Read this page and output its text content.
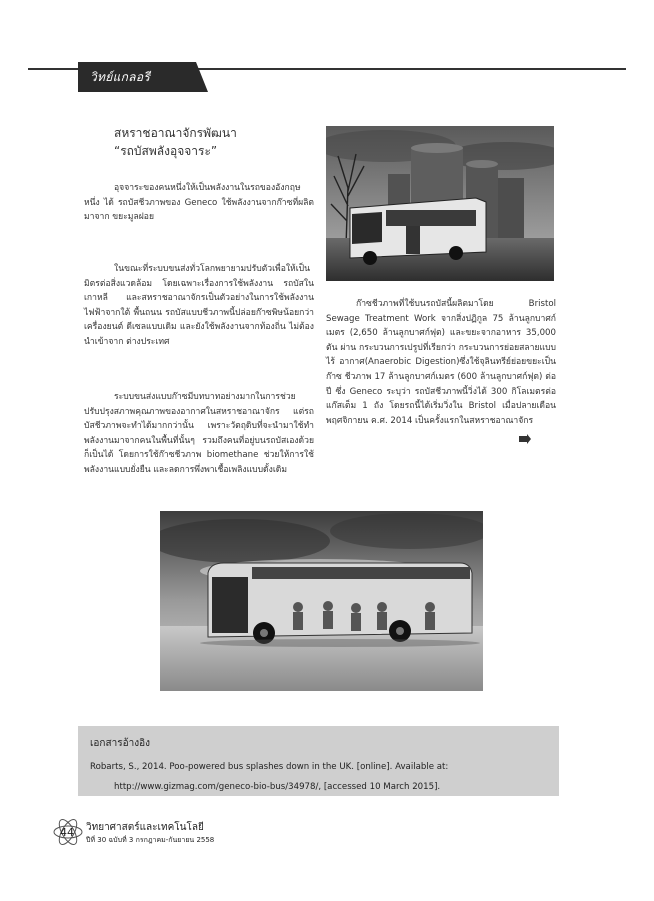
วิทย์แกลอรี
สหราชอาณาจักรพัฒนา
“รถบัสพลังอุจจาระ”
อุจจาระของคนหนึ่งให้เป็นพลังงานในรถของอังกฤษหนึ่ง ได้ รถบัสชีวภาพของ Geneco ใช้พลังงานจากก๊าซที่ผลิตมาจาก ขยะมูลฝอย
ในขณะที่ระบบขนส่งทั่วโลกพยายามปรับตัวเพื่อให้เป็น มิตรต่อสิ่งแวดล้อม โดยเฉพาะเรื่องการใช้พลังงาน รถบัสในเกาหลี และสหราชอาณาจักรเป็นตัวอย่างในการใช้พลังงานไฟฟ้าจากใต้ พื้นถนน รถบัสแบบชีวภาพนี้ปล่อยก๊าซพิษน้อยกว่าเครื่องยนต์ ดีเซลแบบเดิม และยังใช้พลังงานจากท้องถิ่น ไม่ต้องนำเข้าจาก ต่างประเทศ
ระบบขนส่งแบบก๊าซมีบทบาทอย่างมากในการช่วย ปรับปรุงสภาพคุณภาพของอากาศในสหราชอาณาจักร แต่รถ บัสชีวภาพจะทำได้มากกว่านั้น เพราะวัตถุดิบที่จะนำมาใช้ทำ พลังงานมาจากคนในพื้นที่นั้นๆ รวมถึงคนที่อยู่บนรถบัสเองด้วย ก็เป็นได้ โดยการใช้ก๊าซชีวภาพ biomethane ช่วยให้การใช้ พลังงานแบบยั่งยืน และลดการพึ่งพาเชื้อเพลิงแบบดั้งเดิม
ก๊าซชีวภาพที่ใช้บนรถบัสนี้ผลิตมาโดย Bristol Sewage Treatment Work จากสิ่งปฏิกูล 75 ล้านลูกบาศก์เมตร (2,650 ล้านลูกบาศก์ฟุต) และขยะจากอาหาร 35,000 ตัน ผ่าน กระบวนการเปรูปที่เรียกว่า กระบวนการย่อยสลายแบบไร้ อากาศ(Anaerobic Digestion)ซึ่งใช้จุลินทรีย์ย่อยขยะเป็นก๊าซ ชีวภาพ 17 ล้านลูกบาศก์เมตร (600 ล้านลูกบาศก์ฟุต) ต่อปี ซึ่ง Geneco ระบุว่า รถบัสชีวภาพนี้วิ่งได้ 300 กิโลเมตรต่อแก๊สเต็ม 1 ถัง โดยรถนี้ได้เริ่มวิ่งใน Bristol เมื่อปลายเดือนพฤศจิกายน ค.ศ. 2014 เป็นครั้งแรกในสหราชอาณาจักร
เอกสารอ้างอิง
Robarts, S., 2014. Poo-powered bus splashes down in the UK. [online]. Available at:
http://www.gizmag.com/geneco-bio-bus/34978/, [accessed 10 March 2015].
44 วิทยาศาสตร์และเทคโนโลยี
ปีที่ 30 ฉบับที่ 3 กรกฎาคม-กันยายน 2558
